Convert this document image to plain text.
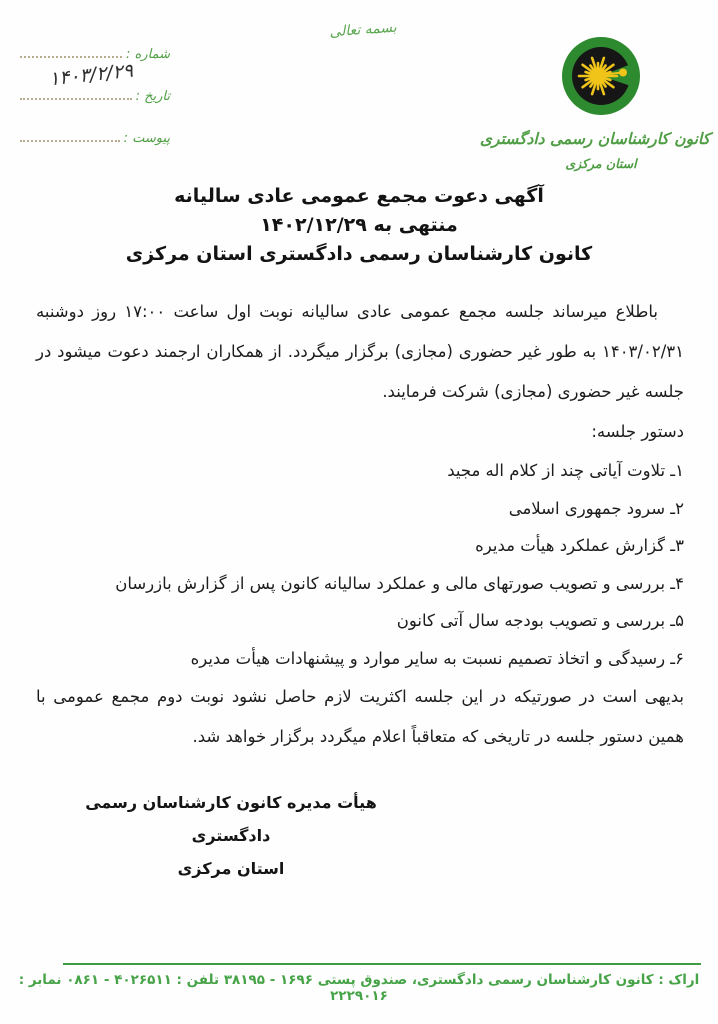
شماره :
تاریخ :
پیوست :
۱۴۰۳/۲/۲۹
بسمه تعالی
کانون کارشناسان رسمی دادگستری
استان مرکزی
آگهی دعوت مجمع عمومی عادی سالیانه
منتهی به ۱۴۰۲/۱۲/۲۹
کانون کارشناسان رسمی دادگستری استان مرکزی

باطلاع میرساند جلسه مجمع عمومی عادی سالیانه نوبت اول ساعت ۱۷:۰۰ روز دوشنبه ۱۴۰۳/۰۲/۳۱ به طور غیر حضوری (مجازی) برگزار میگردد. از همکاران ارجمند دعوت میشود در جلسه غیر حضوری (مجازی) شرکت فرمایند.

دستور جلسه:
۱ـ تلاوت آیاتی چند از کلام اله مجید
۲ـ سرود جمهوری اسلامی
۳ـ گزارش عملکرد هیأت مدیره
۴ـ بررسی و تصویب صورتهای مالی و عملکرد سالیانه کانون پس از گزارش بازرسان
۵ـ بررسی و تصویب بودجه سال آتی کانون
۶ـ رسیدگی و اتخاذ تصمیم نسبت به سایر موارد و پیشنهادات هیأت مدیره

بدیهی است در صورتیکه در این جلسه اکثریت لازم حاصل نشود نوبت دوم مجمع عمومی با همین دستور جلسه در تاریخی که متعاقباً اعلام میگردد برگزار خواهد شد.

هیأت مدیره کانون کارشناسان رسمی دادگستری
استان مرکزی
اراک : کانون کارشناسان رسمی دادگستری، صندوق پستی ۱۶۹۶ - ۳۸۱۹۵ تلفن : ۴۰۲۶۵۱۱ - ۰۸۶۱ نمابر : ۲۲۲۹۰۱۶
